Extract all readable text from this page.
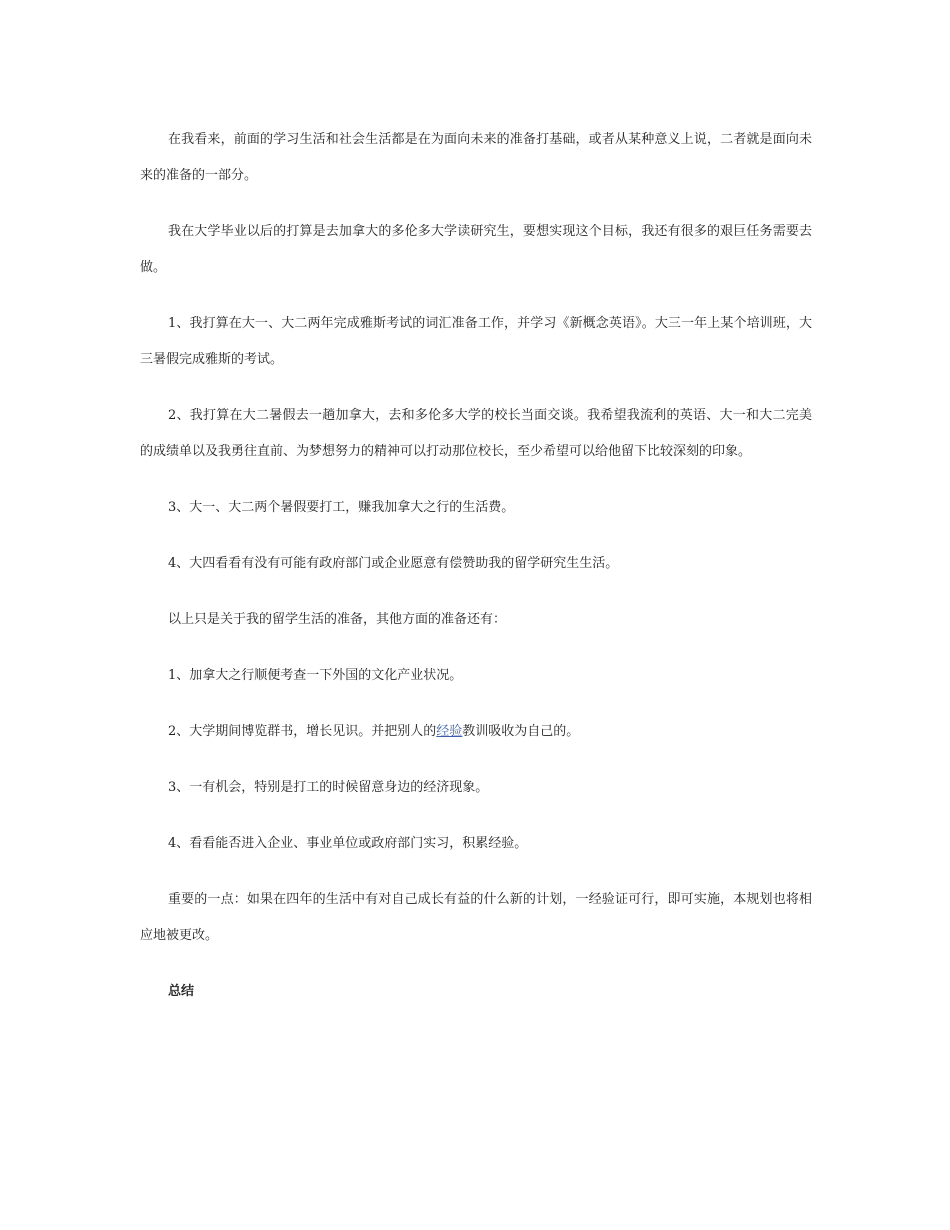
在我看来，前面的学习生活和社会生活都是在为面向未来的准备打基础，或者从某种意义上说，二者就是面向未来的准备的一部分。

我在大学毕业以后的打算是去加拿大的多伦多大学读研究生，要想实现这个目标，我还有很多的艰巨任务需要去做。

1、我打算在大一、大二两年完成雅斯考试的词汇准备工作，并学习《新概念英语》。大三一年上某个培训班，大三暑假完成雅斯的考试。

2、我打算在大二暑假去一趟加拿大，去和多伦多大学的校长当面交谈。我希望我流利的英语、大一和大二完美的成绩单以及我勇往直前、为梦想努力的精神可以打动那位校长，至少希望可以给他留下比较深刻的印象。

3、大一、大二两个暑假要打工，赚我加拿大之行的生活费。

4、大四看看有没有可能有政府部门或企业愿意有偿赞助我的留学研究生生活。

以上只是关于我的留学生活的准备，其他方面的准备还有：

1、加拿大之行顺便考查一下外国的文化产业状况。

2、大学期间博览群书，增长见识。并把别人的经验教训吸收为自己的。

3、一有机会，特别是打工的时候留意身边的经济现象。

4、看看能否进入企业、事业单位或政府部门实习，积累经验。

重要的一点：如果在四年的生活中有对自己成长有益的什么新的计划，一经验证可行，即可实施，本规划也将相应地被更改。

总结
